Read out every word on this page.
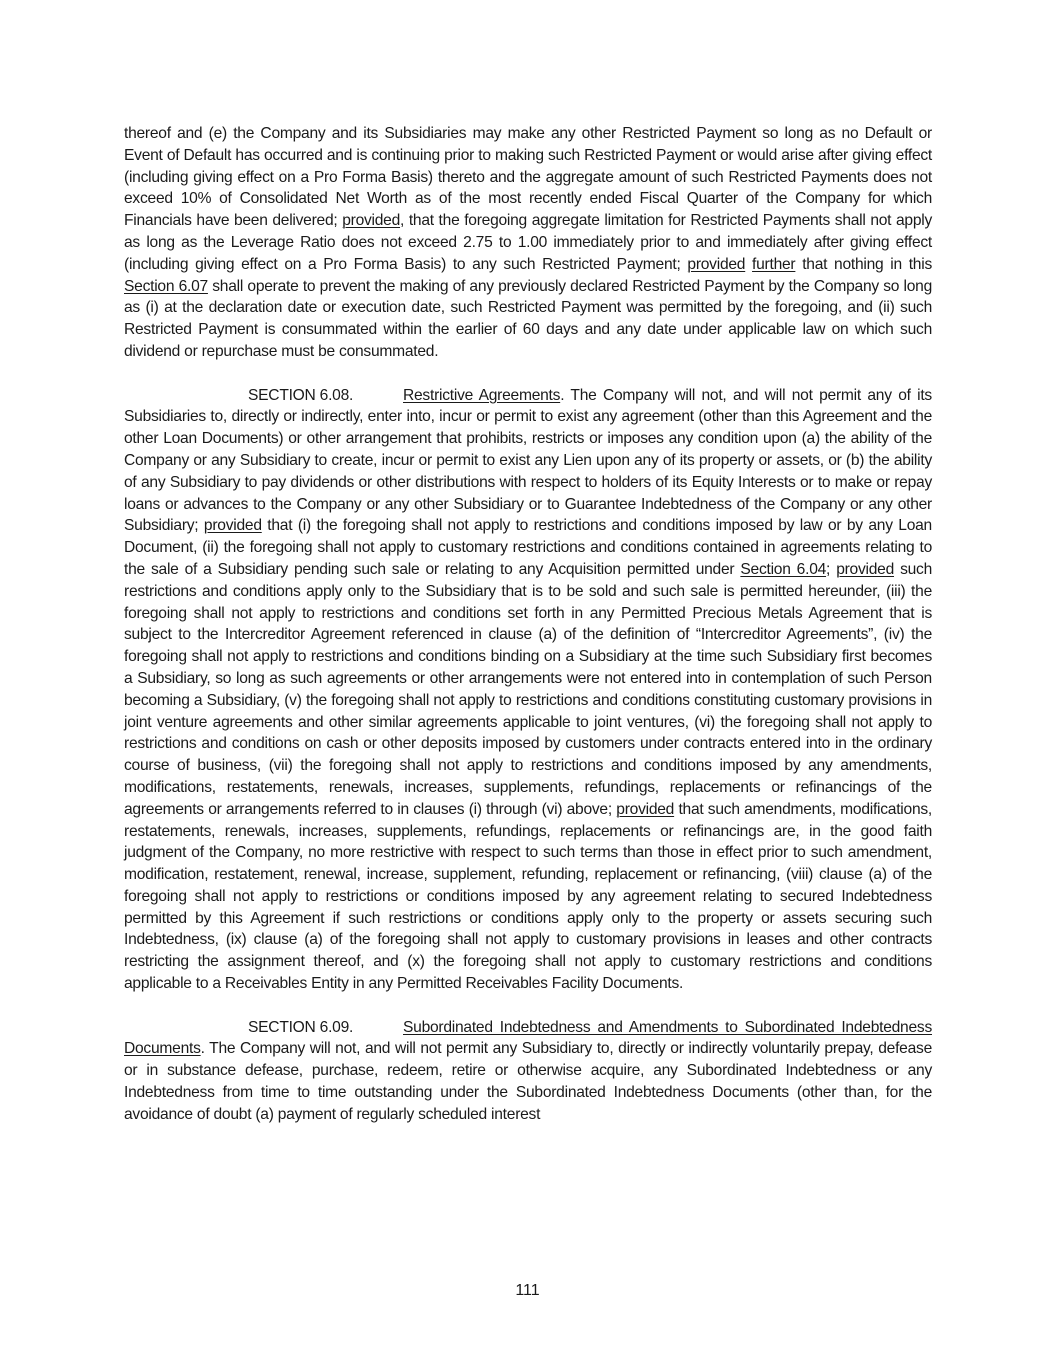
thereof and (e) the Company and its Subsidiaries may make any other Restricted Payment so long as no Default or Event of Default has occurred and is continuing prior to making such Restricted Payment or would arise after giving effect (including giving effect on a Pro Forma Basis) thereto and the aggregate amount of such Restricted Payments does not exceed 10% of Consolidated Net Worth as of the most recently ended Fiscal Quarter of the Company for which Financials have been delivered; provided, that the foregoing aggregate limitation for Restricted Payments shall not apply as long as the Leverage Ratio does not exceed 2.75 to 1.00 immediately prior to and immediately after giving effect (including giving effect on a Pro Forma Basis) to any such Restricted Payment; provided further that nothing in this Section 6.07 shall operate to prevent the making of any previously declared Restricted Payment by the Company so long as (i) at the declaration date or execution date, such Restricted Payment was permitted by the foregoing, and (ii) such Restricted Payment is consummated within the earlier of 60 days and any date under applicable law on which such dividend or repurchase must be consummated.

SECTION 6.08.	Restrictive Agreements. The Company will not, and will not permit any of its Subsidiaries to, directly or indirectly, enter into, incur or permit to exist any agreement (other than this Agreement and the other Loan Documents) or other arrangement that prohibits, restricts or imposes any condition upon (a) the ability of the Company or any Subsidiary to create, incur or permit to exist any Lien upon any of its property or assets, or (b) the ability of any Subsidiary to pay dividends or other distributions with respect to holders of its Equity Interests or to make or repay loans or advances to the Company or any other Subsidiary or to Guarantee Indebtedness of the Company or any other Subsidiary; provided that (i) the foregoing shall not apply to restrictions and conditions imposed by law or by any Loan Document, (ii) the foregoing shall not apply to customary restrictions and conditions contained in agreements relating to the sale of a Subsidiary pending such sale or relating to any Acquisition permitted under Section 6.04; provided such restrictions and conditions apply only to the Subsidiary that is to be sold and such sale is permitted hereunder, (iii) the foregoing shall not apply to restrictions and conditions set forth in any Permitted Precious Metals Agreement that is subject to the Intercreditor Agreement referenced in clause (a) of the definition of “Intercreditor Agreements”, (iv) the foregoing shall not apply to restrictions and conditions binding on a Subsidiary at the time such Subsidiary first becomes a Subsidiary, so long as such agreements or other arrangements were not entered into in contemplation of such Person becoming a Subsidiary, (v) the foregoing shall not apply to restrictions and conditions constituting customary provisions in joint venture agreements and other similar agreements applicable to joint ventures, (vi) the foregoing shall not apply to restrictions and conditions on cash or other deposits imposed by customers under contracts entered into in the ordinary course of business, (vii) the foregoing shall not apply to restrictions and conditions imposed by any amendments, modifications, restatements, renewals, increases, supplements, refundings, replacements or refinancings of the agreements or arrangements referred to in clauses (i) through (vi) above; provided that such amendments, modifications, restatements, renewals, increases, supplements, refundings, replacements or refinancings are, in the good faith judgment of the Company, no more restrictive with respect to such terms than those in effect prior to such amendment, modification, restatement, renewal, increase, supplement, refunding, replacement or refinancing, (viii) clause (a) of the foregoing shall not apply to restrictions or conditions imposed by any agreement relating to secured Indebtedness permitted by this Agreement if such restrictions or conditions apply only to the property or assets securing such Indebtedness, (ix) clause (a) of the foregoing shall not apply to customary provisions in leases and other contracts restricting the assignment thereof, and (x) the foregoing shall not apply to customary restrictions and conditions applicable to a Receivables Entity in any Permitted Receivables Facility Documents.

SECTION 6.09.	Subordinated Indebtedness and Amendments to Subordinated Indebtedness Documents. The Company will not, and will not permit any Subsidiary to, directly or indirectly voluntarily prepay, defease or in substance defease, purchase, redeem, retire or otherwise acquire, any Subordinated Indebtedness or any Indebtedness from time to time outstanding under the Subordinated Indebtedness Documents (other than, for the avoidance of doubt (a) payment of regularly scheduled interest

111
